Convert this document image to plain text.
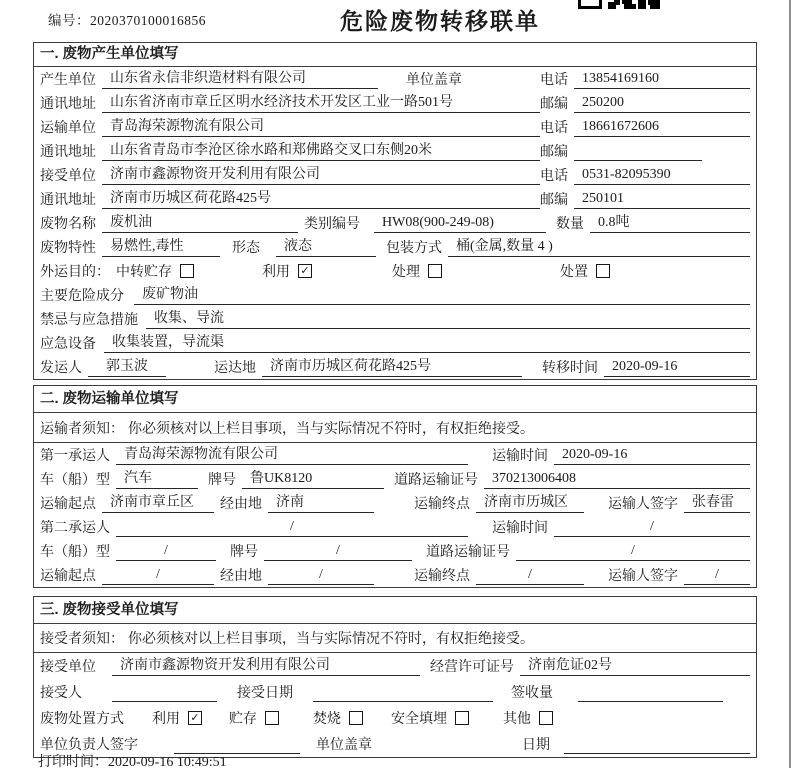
编号：2020370100016856	危险废物转移联单
一. 废物产生单位填写
产生单位	山东省永信非织造材料有限公司	单位盖章	电话	13854169160
通讯地址	山东省济南市章丘区明水经济技术开发区工业一路501号	邮编	250200
运输单位	青岛海荣源物流有限公司	电话	18661672606
通讯地址	山东省青岛市李沧区徐水路和郑佛路交叉口东侧20米	邮编
接受单位	济南市鑫源物资开发利用有限公司	电话	0531-82095390
通讯地址	济南市历城区荷花路425号	邮编	250101
废物名称	废机油	类别编号	HW08(900-249-08)	数量	0.8吨
废物特性	易燃性,毒性	形态	液态	包装方式	桶(金属,数量 4 )
外运目的： 中转贮存	利用 ✓	处理	处置
主要危险成分	废矿物油
禁忌与应急措施	收集、导流
应急设备	收集装置，导流渠
发运人	郭玉波	运达地	济南市历城区荷花路425号	转移时间	2020-09-16
二. 废物运输单位填写
运输者须知： 你必须核对以上栏目事项，当与实际情况不符时，有权拒绝接受。
第一承运人	青岛海荣源物流有限公司	运输时间	2020-09-16
车（船）型	汽车	牌号	鲁UK8120	道路运输证号	370213006408
运输起点	济南市章丘区	经由地	济南	运输终点	济南市历城区	运输人签字	张春雷
第二承运人	/	运输时间	/
车（船）型	/	牌号	/	道路运输证号	/
运输起点	/	经由地	/	运输终点	/	运输人签字	/
三. 废物接受单位填写
接受者须知： 你必须核对以上栏目事项，当与实际情况不符时，有权拒绝接受。
接受单位	济南市鑫源物资开发利用有限公司	经营许可证号	济南危证02号
接受人	接受日期	签收量
废物处置方式 利用 ✓ 贮存	焚烧	安全填埋	其他
单位负责人签字	单位盖章	日期
打印时间：2020-09-16 10:49:51
